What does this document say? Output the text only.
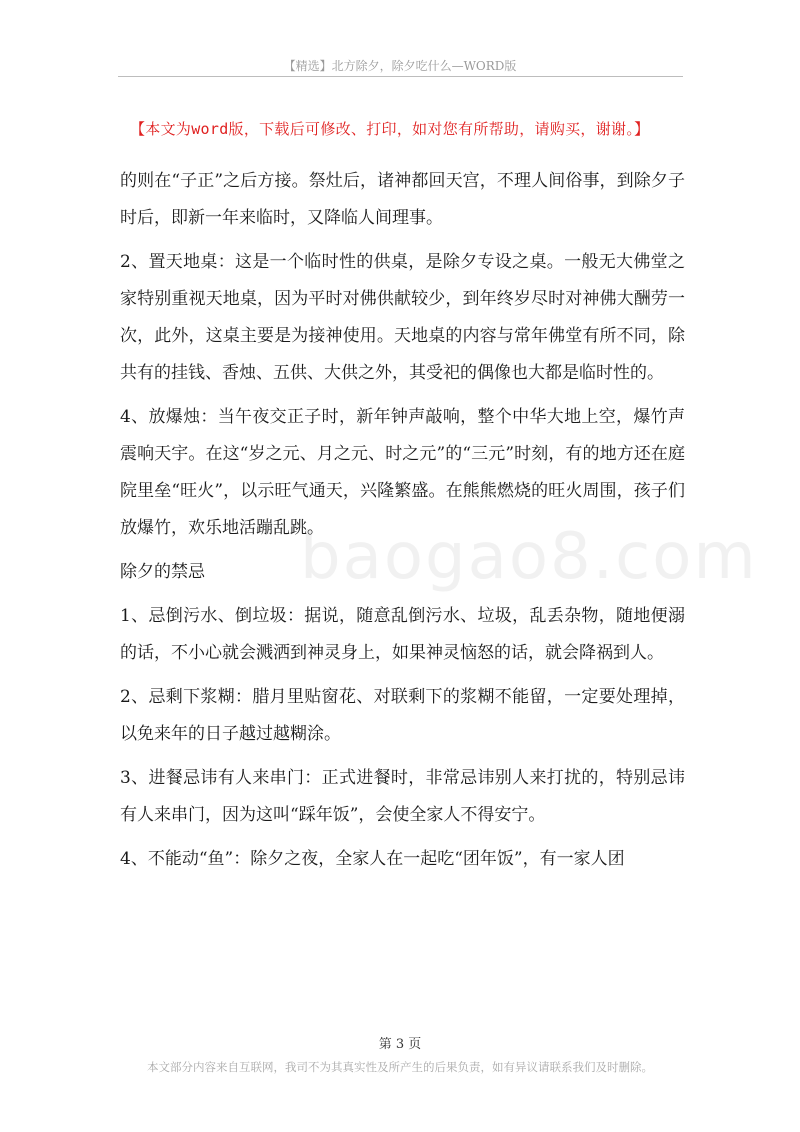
【精选】北方除夕，除夕吃什么—WORD版
【本文为word版，下载后可修改、打印，如对您有所帮助，请购买，谢谢。】

的则在“子正”之后方接。祭灶后，诸神都回天宫，不理人间俗事，到除夕子时后，即新一年来临时，又降临人间理事。

2、置天地桌：这是一个临时性的供桌，是除夕专设之桌。一般无大佛堂之家特别重视天地桌，因为平时对佛供献较少，到年终岁尽时对神佛大酬劳一次，此外，这桌主要是为接神使用。天地桌的内容与常年佛堂有所不同，除共有的挂钱、香烛、五供、大供之外，其受祀的偶像也大都是临时性的。

4、放爆烛：当午夜交正子时，新年钟声敲响，整个中华大地上空，爆竹声震响天宇。在这“岁之元、月之元、时之元”的“三元”时刻，有的地方还在庭院里垒“旺火”，以示旺气通天，兴隆繁盛。在熊熊燃烧的旺火周围，孩子们放爆竹，欢乐地活蹦乱跳。

除夕的禁忌

1、忌倒污水、倒垃圾：据说，随意乱倒污水、垃圾，乱丢杂物，随地便溺的话，不小心就会溅洒到神灵身上，如果神灵恼怒的话，就会降祸到人。

2、忌剩下浆糊：腊月里贴窗花、对联剩下的浆糊不能留，一定要处理掉，以免来年的日子越过越糊涂。

3、进餐忌讳有人来串门：正式进餐时，非常忌讳别人来打扰的，特别忌讳有人来串门，因为这叫“踩年饭”，会使全家人不得安宁。

4、不能动“鱼”：除夕之夜，全家人在一起吃“团年饭”，有一家人团

baogao8.com
第 3 页
本文部分内容来自互联网，我司不为其真实性及所产生的后果负责，如有异议请联系我们及时删除。
